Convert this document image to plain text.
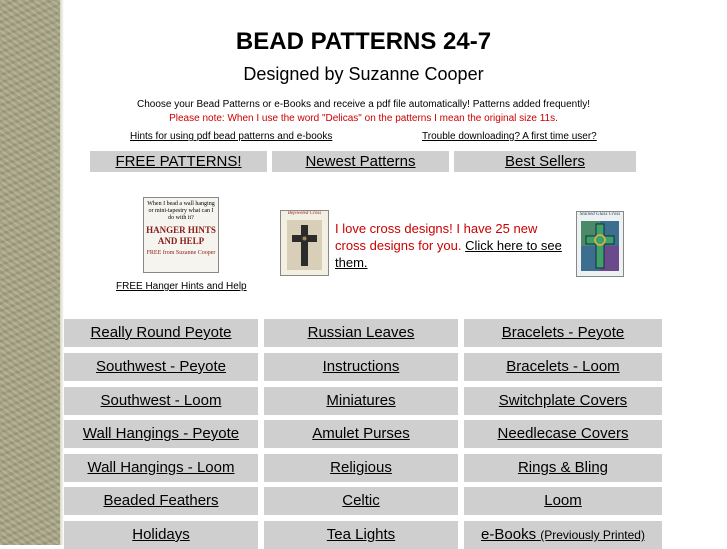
BEAD PATTERNS 24-7
Designed by Suzanne Cooper
Choose your Bead Patterns or e-Books and receive a pdf file automatically! Patterns added frequently!
Please note: When I use the word "Delicas" on the patterns I mean the original size 11s.
Hints for using pdf bead patterns and e-books	Trouble downloading? A first time user?
FREE PATTERNS!	Newest Patterns	Best Sellers
When I bead a wall hanging or mini-tapestry what can I do with it?
HANGER HINTS AND HELP
FREE from Suzanne Cooper
FREE Hanger Hints and Help
Bejeweled Cross
I love cross designs! I have 25 new cross designs for you. Click here to see them.
Stained Glass Cross
Really Round Peyote	Russian Leaves	Bracelets - Peyote
Southwest - Peyote	Instructions	Bracelets - Loom
Southwest - Loom	Miniatures	Switchplate Covers
Wall Hangings - Peyote	Amulet Purses	Needlecase Covers
Wall Hangings - Loom	Religious	Rings & Bling
Beaded Feathers	Celtic	Loom
Holidays	Tea Lights	e-Books (Previously Printed)
